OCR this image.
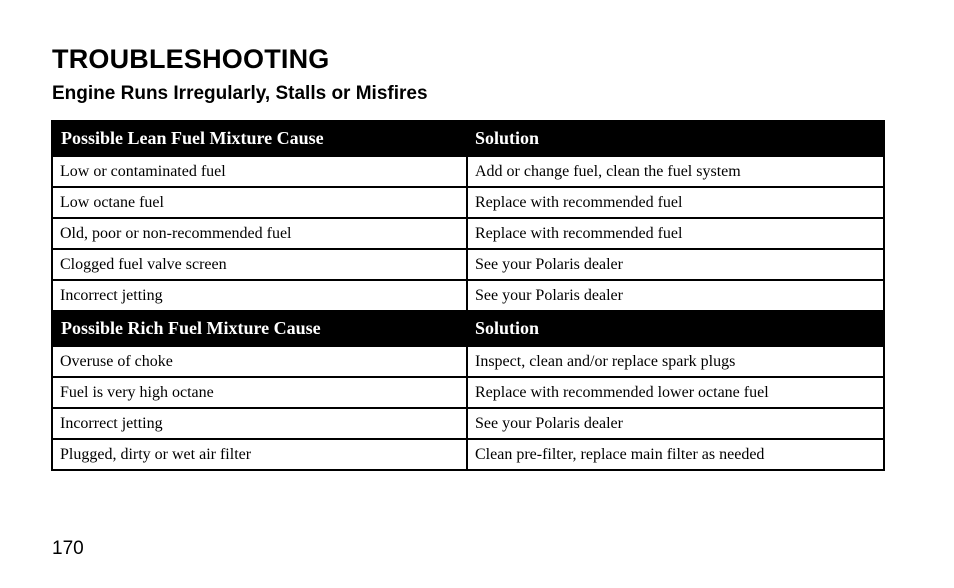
TROUBLESHOOTING
Engine Runs Irregularly, Stalls or Misfires
Possible Lean Fuel Mixture Cause	Solution
Low or contaminated fuel	Add or change fuel, clean the fuel system
Low octane fuel	Replace with recommended fuel
Old, poor or non-recommended fuel	Replace with recommended fuel
Clogged fuel valve screen	See your Polaris dealer
Incorrect jetting	See your Polaris dealer
Possible Rich Fuel Mixture Cause	Solution
Overuse of choke	Inspect, clean and/or replace spark plugs
Fuel is very high octane	Replace with recommended lower octane fuel
Incorrect jetting	See your Polaris dealer
Plugged, dirty or wet air filter	Clean pre-filter, replace main filter as needed
170
